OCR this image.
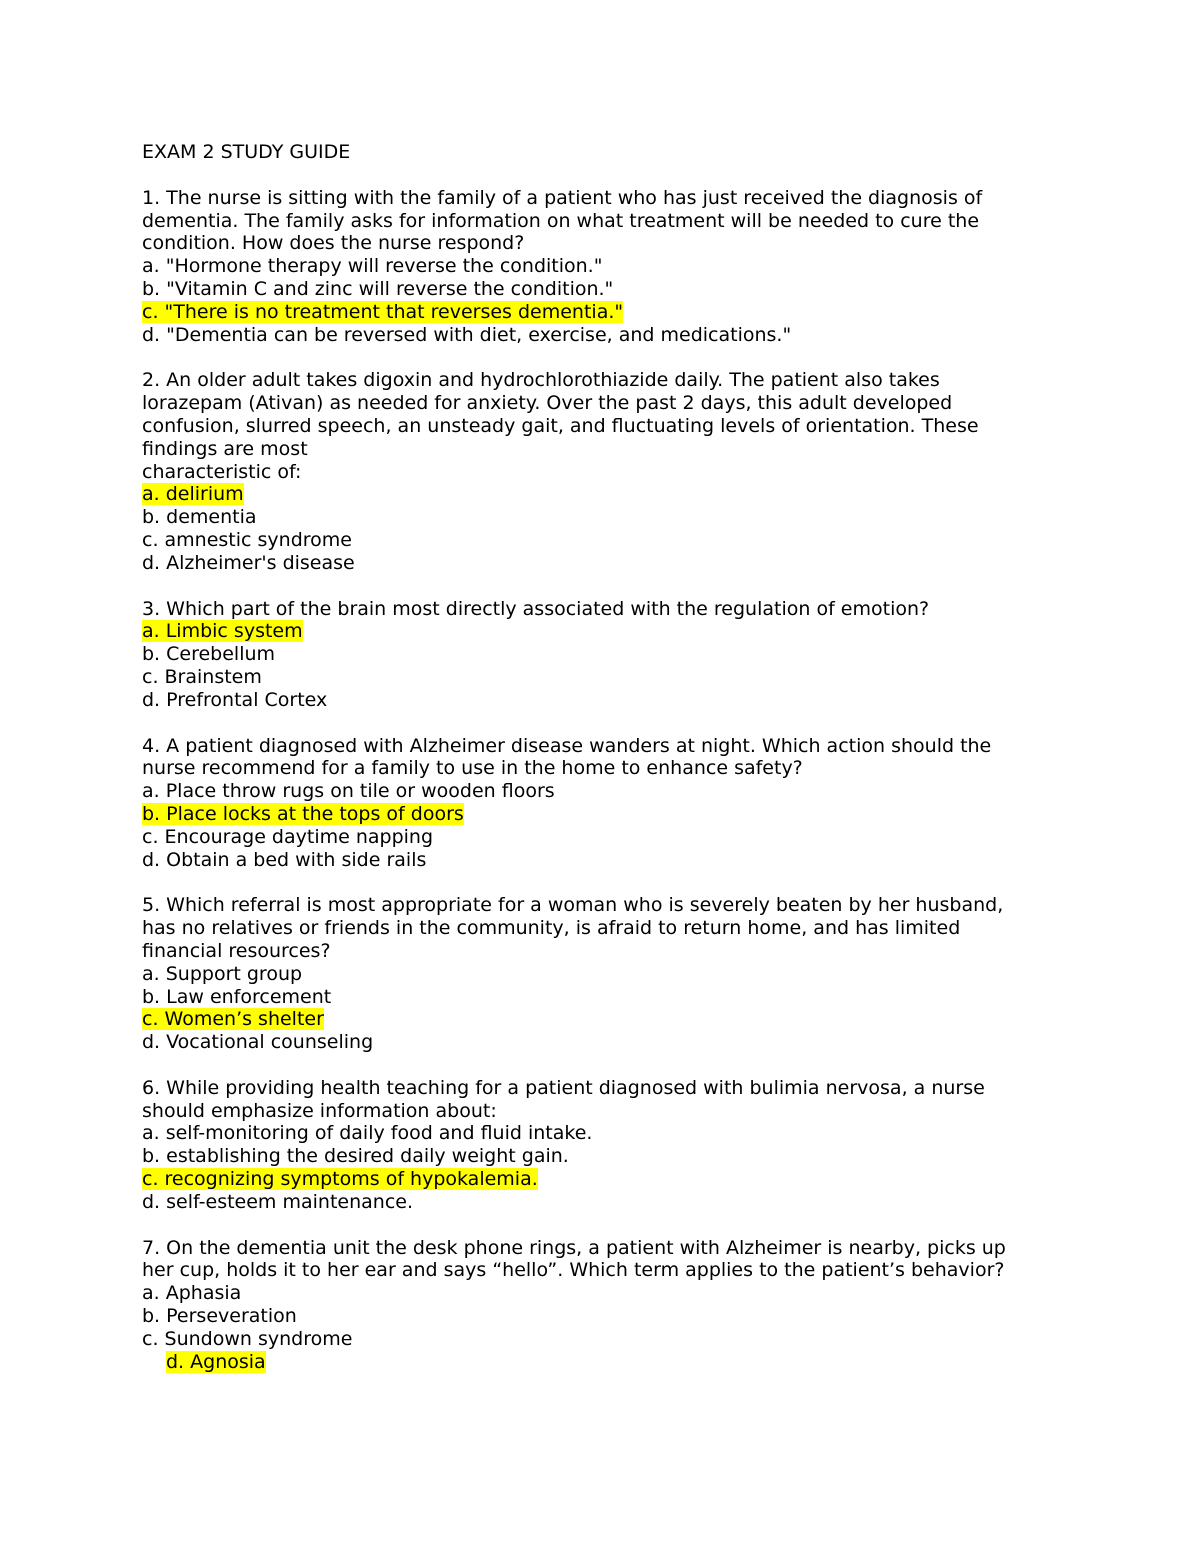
EXAM 2 STUDY GUIDE
1. The nurse is sitting with the family of a patient who has just received the diagnosis of
dementia. The family asks for information on what treatment will be needed to cure the
condition. How does the nurse respond?
a. "Hormone therapy will reverse the condition."
b. "Vitamin C and zinc will reverse the condition."
c. "There is no treatment that reverses dementia."
d. "Dementia can be reversed with diet, exercise, and medications."
2. An older adult takes digoxin and hydrochlorothiazide daily. The patient also takes
lorazepam (Ativan) as needed for anxiety. Over the past 2 days, this adult developed
confusion, slurred speech, an unsteady gait, and fluctuating levels of orientation. These
findings are most
characteristic of:
a. delirium
b. dementia
c. amnestic syndrome
d. Alzheimer's disease
3. Which part of the brain most directly associated with the regulation of emotion?
a. Limbic system
b. Cerebellum
c. Brainstem
d. Prefrontal Cortex
4. A patient diagnosed with Alzheimer disease wanders at night. Which action should the
nurse recommend for a family to use in the home to enhance safety?
a. Place throw rugs on tile or wooden floors
b. Place locks at the tops of doors
c. Encourage daytime napping
d. Obtain a bed with side rails
5. Which referral is most appropriate for a woman who is severely beaten by her husband,
has no relatives or friends in the community, is afraid to return home, and has limited
financial resources?
a. Support group
b. Law enforcement
c. Women’s shelter
d. Vocational counseling
6. While providing health teaching for a patient diagnosed with bulimia nervosa, a nurse
should emphasize information about:
a. self-monitoring of daily food and fluid intake.
b. establishing the desired daily weight gain.
c. recognizing symptoms of hypokalemia.
d. self-esteem maintenance.
7. On the dementia unit the desk phone rings, a patient with Alzheimer is nearby, picks up
her cup, holds it to her ear and says “hello”. Which term applies to the patient’s behavior?
a. Aphasia
b. Perseveration
c. Sundown syndrome
d. Agnosia
